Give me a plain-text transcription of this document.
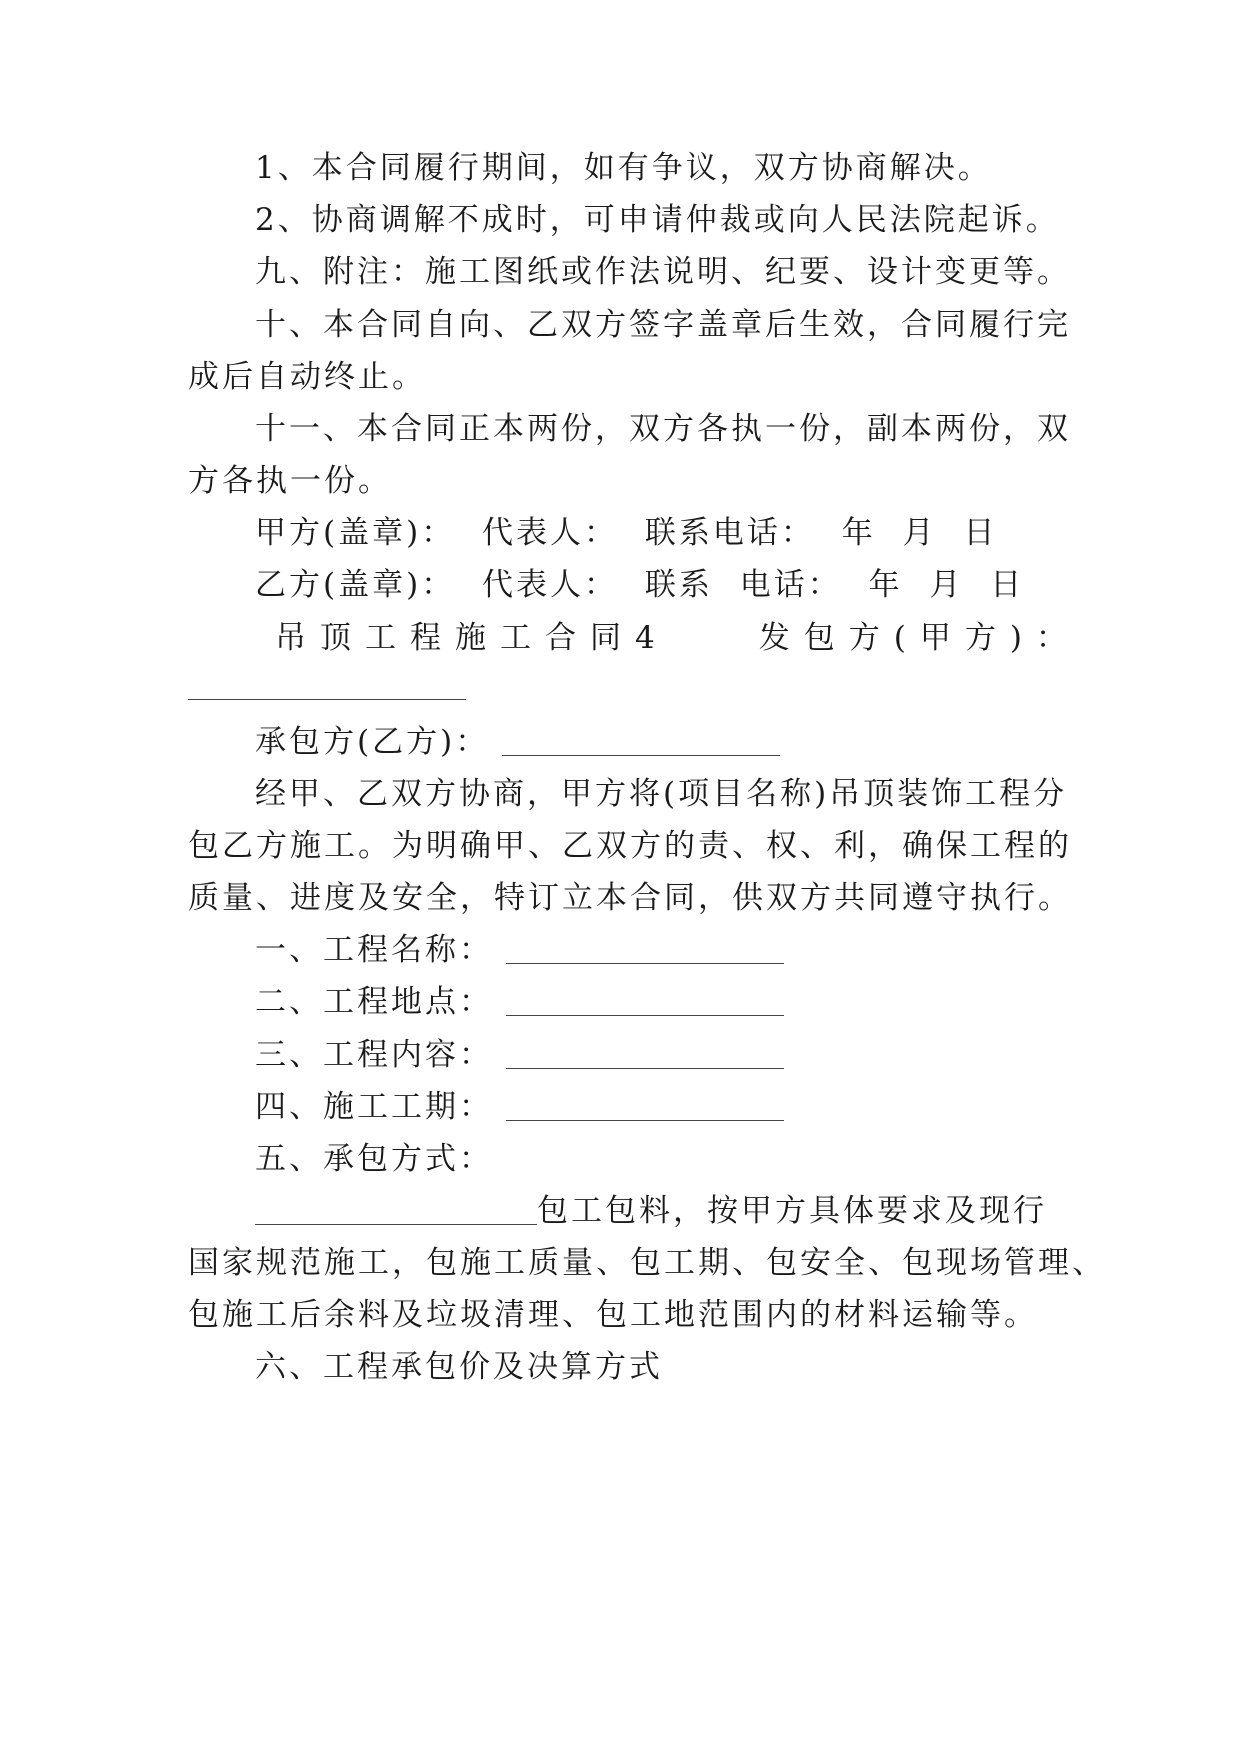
1、本合同履行期间，如有争议，双方协商解决。
2、协商调解不成时，可申请仲裁或向人民法院起诉。
九、附注：施工图纸或作法说明、纪要、设计变更等。
十、本合同自向、乙双方签字盖章后生效，合同履行完
成后自动终止。
十一、本合同正本两份，双方各执一份，副本两份，双
方各执一份。
甲方(盖章)： 代表人： 联系电话： 年 月 日
乙方(盖章)： 代表人： 联系 电话： 年 月 日
吊顶工程施工合同4　　发包方(甲方)：
承包方(乙方)：
经甲、乙双方协商，甲方将(项目名称)吊顶装饰工程分
包乙方施工。为明确甲、乙双方的责、权、利，确保工程的
质量、进度及安全，特订立本合同，供双方共同遵守执行。
一、工程名称：
二、工程地点：
三、工程内容：
四、施工工期：
五、承包方式：
包工包料，按甲方具体要求及现行
国家规范施工，包施工质量、包工期、包安全、包现场管理、
包施工后余料及垃圾清理、包工地范围内的材料运输等。
六、工程承包价及决算方式
